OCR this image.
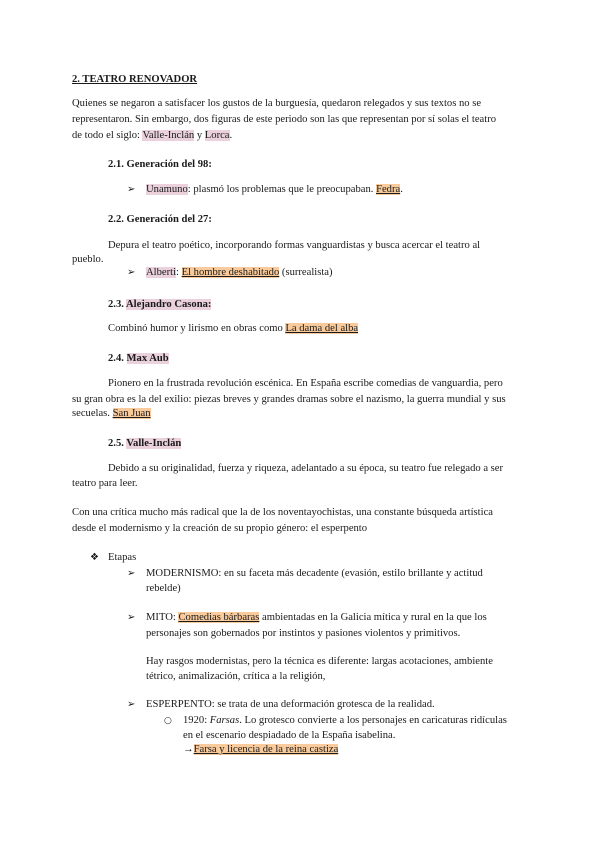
2. TEATRO RENOVADOR
Quienes se negaron a satisfacer los gustos de la burguesía, quedaron relegados y sus textos no se
representaron. Sin embargo, dos figuras de este periodo son las que representan por sí solas el teatro
de todo el siglo: Valle-Inclán y Lorca.
2.1. Generación del 98:
➢ Unamuno: plasmó los problemas que le preocupaban. Fedra.
2.2. Generación del 27:
Depura el teatro poético, incorporando formas vanguardistas y busca acercar el teatro al
pueblo.
➢ Alberti: El hombre deshabitado (surrealista)
2.3. Alejandro Casona:
Combinó humor y lirismo en obras como La dama del alba
2.4. Max Aub
Pionero en la frustrada revolución escénica. En España escribe comedias de vanguardia, pero
su gran obra es la del exilio: piezas breves y grandes dramas sobre el nazismo, la guerra mundial y sus
secuelas. San Juan
2.5. Valle-Inclán
Debido a su originalidad, fuerza y riqueza, adelantado a su época, su teatro fue relegado a ser
teatro para leer.
Con una crítica mucho más radical que la de los noventayochistas, una constante búsqueda artística
desde el modernismo y la creación de su propio género: el esperpento
❖ Etapas
➢ MODERNISMO: en su faceta más decadente (evasión, estilo brillante y actitud
rebelde)
➢ MITO: Comedias bárbaras ambientadas en la Galicia mítica y rural en la que los
personajes son gobernados por instintos y pasiones violentos y primitivos.
Hay rasgos modernistas, pero la técnica es diferente: largas acotaciones, ambiente
tétrico, animalización, crítica a la religión,
➢ ESPERPENTO: se trata de una deformación grotesca de la realidad.
○ 1920: Farsas. Lo grotesco convierte a los personajes en caricaturas ridículas
en el escenario despiadado de la España isabelina.
→Farsa y licencia de la reina castiza
